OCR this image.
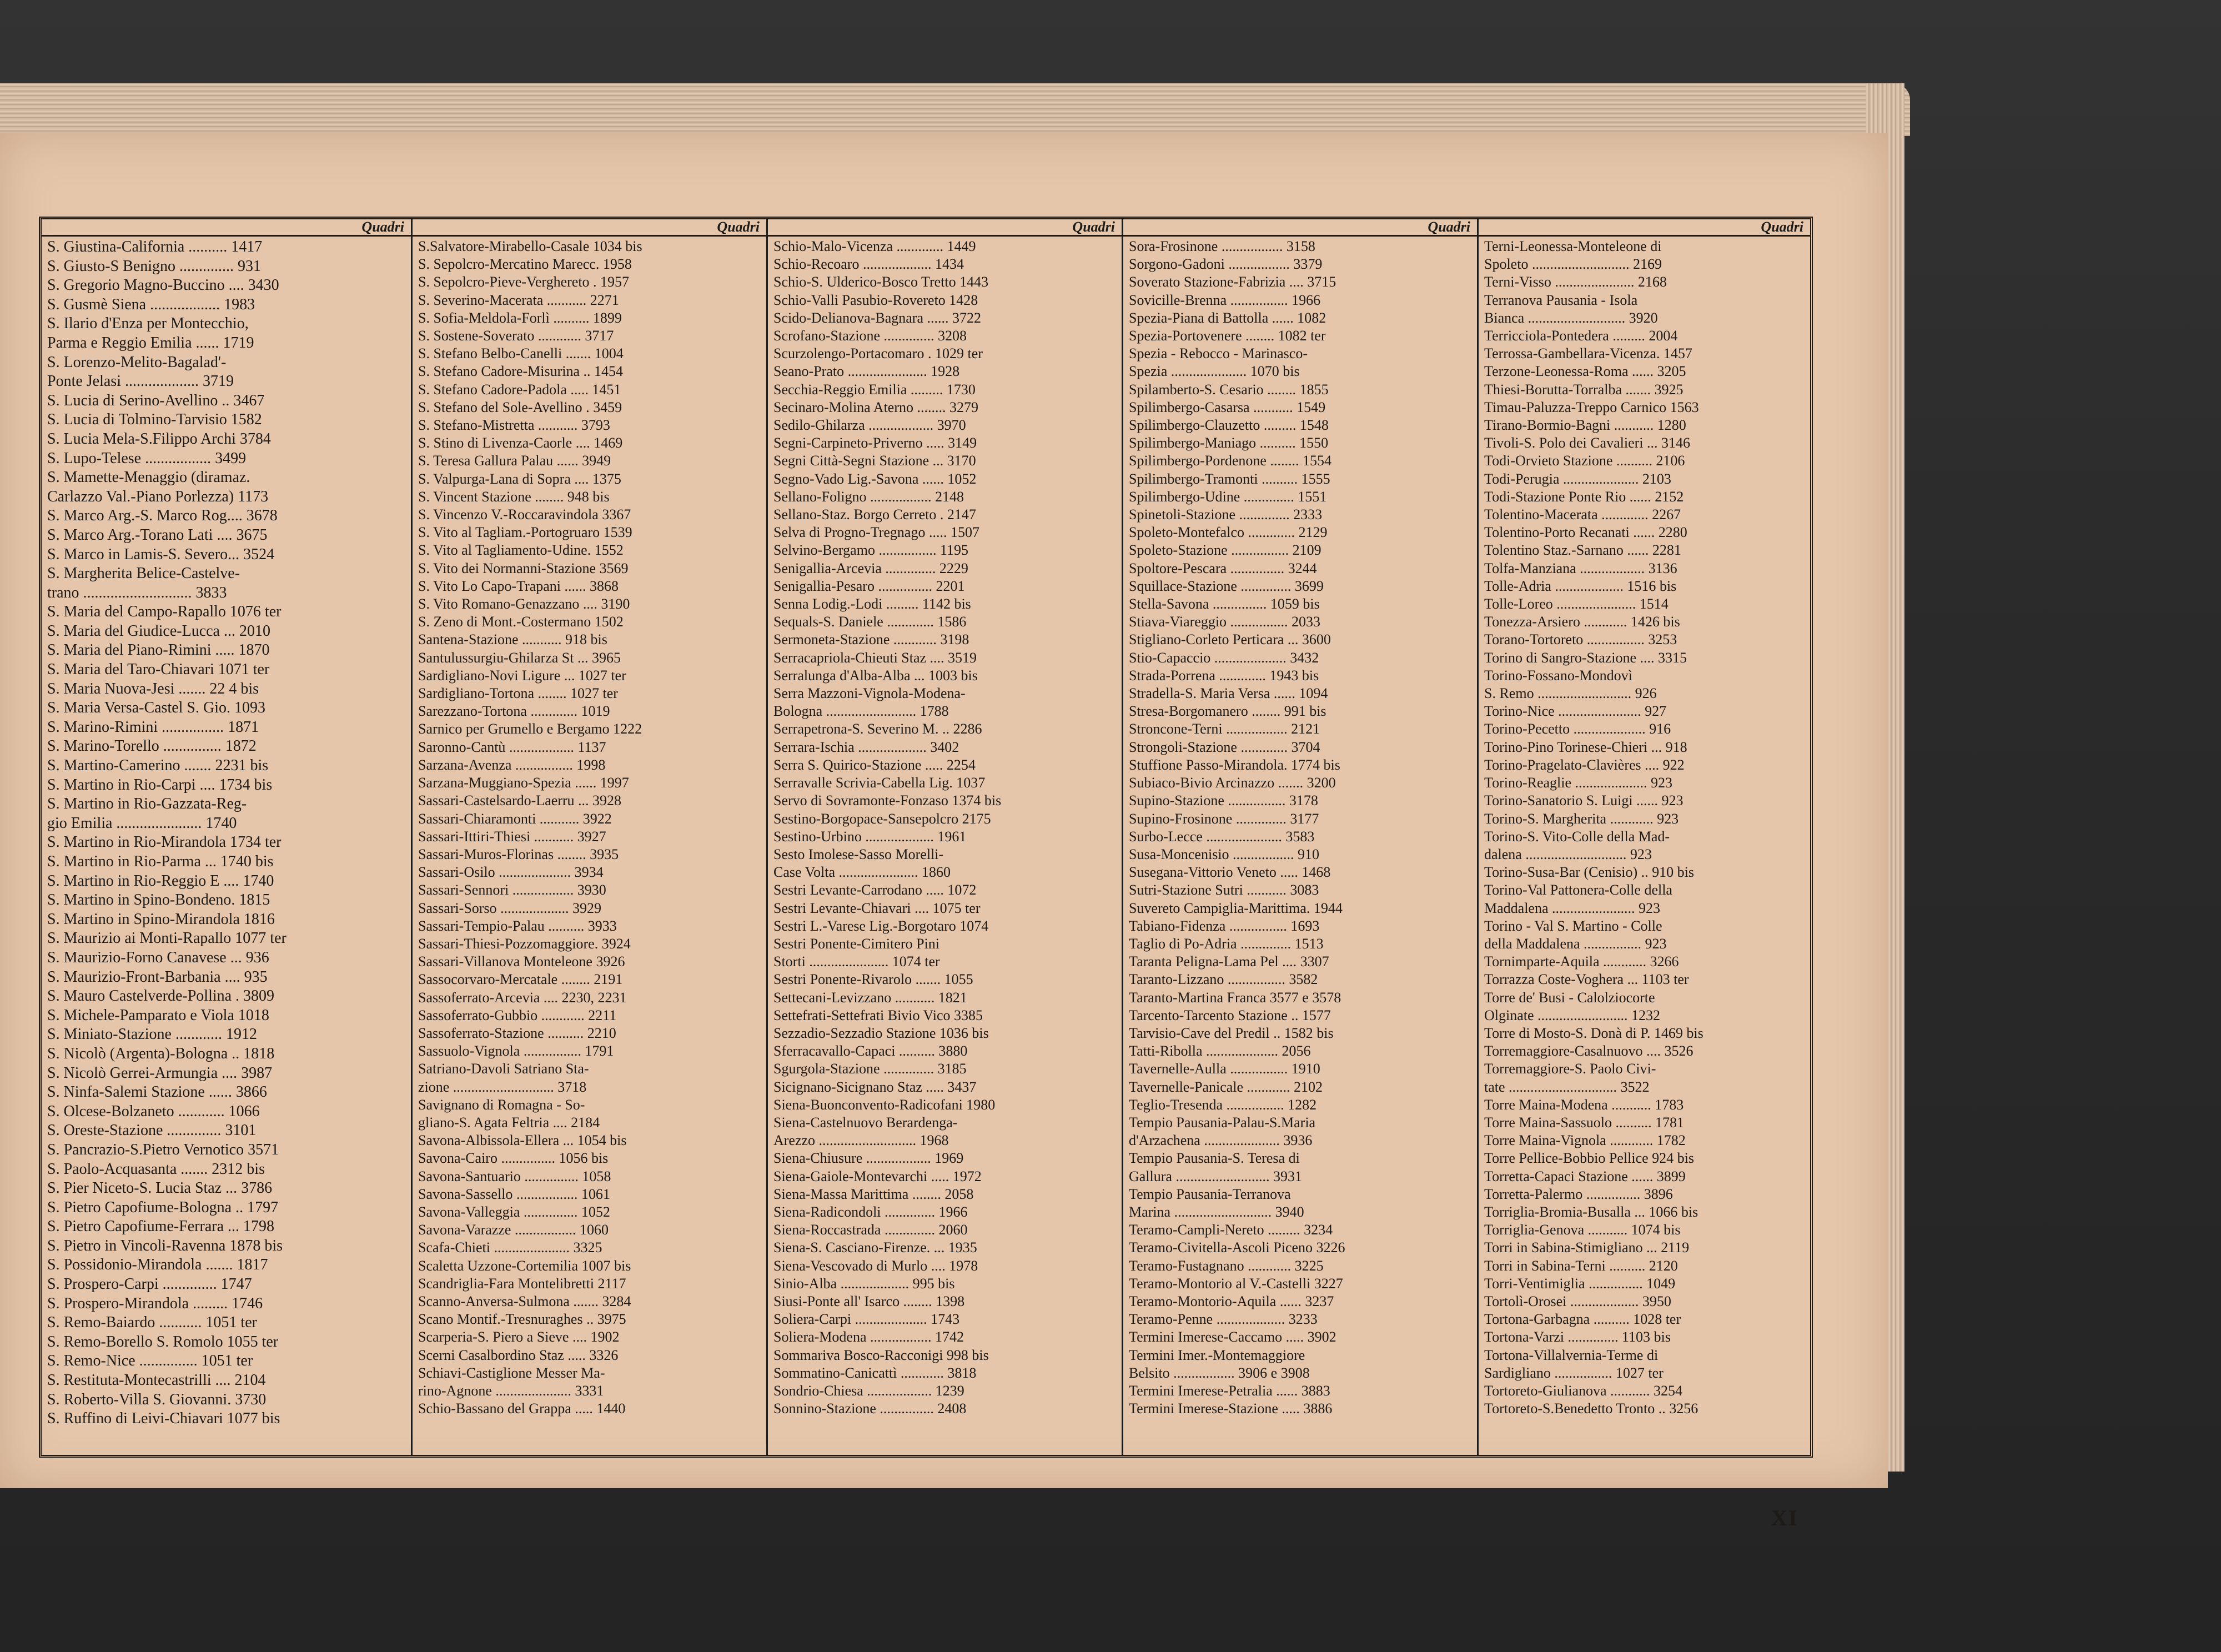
Quadri
S. Giustina-California .......... 1417
S. Giusto-S Benigno .............. 931
S. Gregorio Magno-Buccino .... 3430
S. Gusmè Siena .................. 1983
S. Ilario d'Enza per Montecchio,
Parma e Reggio Emilia ...... 1719
S. Lorenzo-Melito-Bagalad'-
Ponte Jelasi ................... 3719
S. Lucia di Serino-Avellino .. 3467
S. Lucia di Tolmino-Tarvisio 1582
S. Lucia Mela-S.Filippo Archi 3784
S. Lupo-Telese ................. 3499
S. Mamette-Menaggio (diramaz.
Carlazzo Val.-Piano Porlezza) 1173
S. Marco Arg.-S. Marco Rog.... 3678
S. Marco Arg.-Torano Lati .... 3675
S. Marco in Lamis-S. Severo... 3524
S. Margherita Belice-Castelve-
trano ............................ 3833
S. Maria del Campo-Rapallo 1076 ter
S. Maria del Giudice-Lucca ... 2010
S. Maria del Piano-Rimini ..... 1870
S. Maria del Taro-Chiavari 1071 ter
S. Maria Nuova-Jesi ....... 22 4 bis
S. Maria Versa-Castel S. Gio. 1093
S. Marino-Rimini ................ 1871
S. Marino-Torello ............... 1872
S. Martino-Camerino ....... 2231 bis
S. Martino in Rio-Carpi .... 1734 bis
S. Martino in Rio-Gazzata-Reg-
gio Emilia ...................... 1740
S. Martino in Rio-Mirandola 1734 ter
S. Martino in Rio-Parma ... 1740 bis
S. Martino in Rio-Reggio E .... 1740
S. Martino in Spino-Bondeno. 1815
S. Martino in Spino-Mirandola 1816
S. Maurizio ai Monti-Rapallo 1077 ter
S. Maurizio-Forno Canavese ... 936
S. Maurizio-Front-Barbania .... 935
S. Mauro Castelverde-Pollina . 3809
S. Michele-Pamparato e Viola 1018
S. Miniato-Stazione ............ 1912
S. Nicolò (Argenta)-Bologna .. 1818
S. Nicolò Gerrei-Armungia .... 3987
S. Ninfa-Salemi Stazione ...... 3866
S. Olcese-Bolzaneto ............ 1066
S. Oreste-Stazione .............. 3101
S. Pancrazio-S.Pietro Vernotico 3571
S. Paolo-Acquasanta ....... 2312 bis
S. Pier Niceto-S. Lucia Staz ... 3786
S. Pietro Capofiume-Bologna .. 1797
S. Pietro Capofiume-Ferrara ... 1798
S. Pietro in Vincoli-Ravenna 1878 bis
S. Possidonio-Mirandola ....... 1817
S. Prospero-Carpi .............. 1747
S. Prospero-Mirandola ......... 1746
S. Remo-Baiardo ........... 1051 ter
S. Remo-Borello S. Romolo 1055 ter
S. Remo-Nice ............... 1051 ter
S. Restituta-Montecastrilli .... 2104
S. Roberto-Villa S. Giovanni. 3730
S. Ruffino di Leivi-Chiavari 1077 bis
Quadri
S.Salvatore-Mirabello-Casale 1034 bis
S. Sepolcro-Mercatino Marecc. 1958
S. Sepolcro-Pieve-Verghereto . 1957
S. Severino-Macerata ........... 2271
S. Sofia-Meldola-Forlì .......... 1899
S. Sostene-Soverato ............ 3717
S. Stefano Belbo-Canelli ....... 1004
S. Stefano Cadore-Misurina .. 1454
S. Stefano Cadore-Padola ..... 1451
S. Stefano del Sole-Avellino . 3459
S. Stefano-Mistretta ........... 3793
S. Stino di Livenza-Caorle .... 1469
S. Teresa Gallura Palau ...... 3949
S. Valpurga-Lana di Sopra .... 1375
S. Vincent Stazione ........ 948 bis
S. Vincenzo V.-Roccaravindola 3367
S. Vito al Tagliam.-Portogruaro 1539
S. Vito al Tagliamento-Udine. 1552
S. Vito dei Normanni-Stazione 3569
S. Vito Lo Capo-Trapani ...... 3868
S. Vito Romano-Genazzano .... 3190
S. Zeno di Mont.-Costermano 1502
Santena-Stazione ........... 918 bis
Santulussurgiu-Ghilarza St ... 3965
Sardigliano-Novi Ligure ... 1027 ter
Sardigliano-Tortona ........ 1027 ter
Sarezzano-Tortona ............. 1019
Sarnico per Grumello e Bergamo 1222
Saronno-Cantù .................. 1137
Sarzana-Avenza ................ 1998
Sarzana-Muggiano-Spezia ...... 1997
Sassari-Castelsardo-Laerru ... 3928
Sassari-Chiaramonti ........... 3922
Sassari-Ittiri-Thiesi ........... 3927
Sassari-Muros-Florinas ........ 3935
Sassari-Osilo .................... 3934
Sassari-Sennori ................. 3930
Sassari-Sorso ................... 3929
Sassari-Tempio-Palau .......... 3933
Sassari-Thiesi-Pozzomaggiore. 3924
Sassari-Villanova Monteleone 3926
Sassocorvaro-Mercatale ........ 2191
Sassoferrato-Arcevia .... 2230, 2231
Sassoferrato-Gubbio ............ 2211
Sassoferrato-Stazione .......... 2210
Sassuolo-Vignola ................ 1791
Satriano-Davoli Satriano Sta-
zione ............................ 3718
Savignano di Romagna - So-
gliano-S. Agata Feltria .... 2184
Savona-Albissola-Ellera ... 1054 bis
Savona-Cairo ............... 1056 bis
Savona-Santuario ............... 1058
Savona-Sassello ................. 1061
Savona-Valleggia ............... 1052
Savona-Varazze ................. 1060
Scafa-Chieti ..................... 3325
Scaletta Uzzone-Cortemilia 1007 bis
Scandriglia-Fara Montelibretti 2117
Scanno-Anversa-Sulmona ....... 3284
Scano Montif.-Tresnuraghes .. 3975
Scarperia-S. Piero a Sieve .... 1902
Scerni Casalbordino Staz ..... 3326
Schiavi-Castiglione Messer Ma-
rino-Agnone ..................... 3331
Schio-Bassano del Grappa ..... 1440
Quadri
Schio-Malo-Vicenza ............. 1449
Schio-Recoaro ................... 1434
Schio-S. Ulderico-Bosco Tretto 1443
Schio-Valli Pasubio-Rovereto 1428
Scido-Delianova-Bagnara ...... 3722
Scrofano-Stazione .............. 3208
Scurzolengo-Portacomaro . 1029 ter
Seano-Prato ...................... 1928
Secchia-Reggio Emilia ......... 1730
Secinaro-Molina Aterno ........ 3279
Sedilo-Ghilarza .................. 3970
Segni-Carpineto-Priverno ..... 3149
Segni Città-Segni Stazione ... 3170
Segno-Vado Lig.-Savona ...... 1052
Sellano-Foligno ................. 2148
Sellano-Staz. Borgo Cerreto . 2147
Selva di Progno-Tregnago ..... 1507
Selvino-Bergamo ................ 1195
Senigallia-Arcevia .............. 2229
Senigallia-Pesaro ............... 2201
Senna Lodig.-Lodi ......... 1142 bis
Sequals-S. Daniele ............. 1586
Sermoneta-Stazione ............ 3198
Serracapriola-Chieuti Staz .... 3519
Serralunga d'Alba-Alba ... 1003 bis
Serra Mazzoni-Vignola-Modena-
Bologna ......................... 1788
Serrapetrona-S. Severino M. .. 2286
Serrara-Ischia ................... 3402
Serra S. Quirico-Stazione ..... 2254
Serravalle Scrivia-Cabella Lig. 1037
Servo di Sovramonte-Fonzaso 1374 bis
Sestino-Borgopace-Sansepolcro 2175
Sestino-Urbino ................... 1961
Sesto Imolese-Sasso Morelli-
Case Volta ...................... 1860
Sestri Levante-Carrodano ..... 1072
Sestri Levante-Chiavari .... 1075 ter
Sestri L.-Varese Lig.-Borgotaro 1074
Sestri Ponente-Cimitero Pini
Storti ...................... 1074 ter
Sestri Ponente-Rivarolo ....... 1055
Settecani-Levizzano ........... 1821
Settefrati-Settefrati Bivio Vico 3385
Sezzadio-Sezzadio Stazione 1036 bis
Sferracavallo-Capaci .......... 3880
Sgurgola-Stazione .............. 3185
Sicignano-Sicignano Staz ..... 3437
Siena-Buonconvento-Radicofani 1980
Siena-Castelnuovo Berardenga-
Arezzo ........................... 1968
Siena-Chiusure .................. 1969
Siena-Gaiole-Montevarchi ..... 1972
Siena-Massa Marittima ........ 2058
Siena-Radicondoli .............. 1966
Siena-Roccastrada .............. 2060
Siena-S. Casciano-Firenze. ... 1935
Siena-Vescovado di Murlo .... 1978
Sinio-Alba ................... 995 bis
Siusi-Ponte all' Isarco ........ 1398
Soliera-Carpi .................... 1743
Soliera-Modena ................. 1742
Sommariva Bosco-Racconigi 998 bis
Sommatino-Canicattì ............ 3818
Sondrio-Chiesa .................. 1239
Sonnino-Stazione ............... 2408
Quadri
Sora-Frosinone ................. 3158
Sorgono-Gadoni ................. 3379
Soverato Stazione-Fabrizia .... 3715
Sovicille-Brenna ................ 1966
Spezia-Piana di Battolla ...... 1082
Spezia-Portovenere ........ 1082 ter
Spezia - Rebocco - Marinasco-
Spezia ..................... 1070 bis
Spilamberto-S. Cesario ........ 1855
Spilimbergo-Casarsa ........... 1549
Spilimbergo-Clauzetto ......... 1548
Spilimbergo-Maniago .......... 1550
Spilimbergo-Pordenone ........ 1554
Spilimbergo-Tramonti .......... 1555
Spilimbergo-Udine .............. 1551
Spinetoli-Stazione .............. 2333
Spoleto-Montefalco ............. 2129
Spoleto-Stazione ................ 2109
Spoltore-Pescara ............... 3244
Squillace-Stazione .............. 3699
Stella-Savona ............... 1059 bis
Stiava-Viareggio ................ 2033
Stigliano-Corleto Perticara ... 3600
Stio-Capaccio .................... 3432
Strada-Porrena ............. 1943 bis
Stradella-S. Maria Versa ...... 1094
Stresa-Borgomanero ........ 991 bis
Stroncone-Terni ................. 2121
Strongoli-Stazione ............. 3704
Stuffione Passo-Mirandola. 1774 bis
Subiaco-Bivio Arcinazzo ....... 3200
Supino-Stazione ................ 3178
Supino-Frosinone .............. 3177
Surbo-Lecce ..................... 3583
Susa-Moncenisio ................. 910
Susegana-Vittorio Veneto ..... 1468
Sutri-Stazione Sutri ........... 3083
Suvereto Campiglia-Marittima. 1944
Tabiano-Fidenza ................ 1693
Taglio di Po-Adria .............. 1513
Taranta Peligna-Lama Pel .... 3307
Taranto-Lizzano ................ 3582
Taranto-Martina Franca 3577 e 3578
Tarcento-Tarcento Stazione .. 1577
Tarvisio-Cave del Predil .. 1582 bis
Tatti-Ribolla .................... 2056
Tavernelle-Aulla ................ 1910
Tavernelle-Panicale ............ 2102
Teglio-Tresenda ................ 1282
Tempio Pausania-Palau-S.Maria
d'Arzachena ..................... 3936
Tempio Pausania-S. Teresa di
Gallura .......................... 3931
Tempio Pausania-Terranova
Marina ........................... 3940
Teramo-Campli-Nereto ......... 3234
Teramo-Civitella-Ascoli Piceno 3226
Teramo-Fustagnano ............ 3225
Teramo-Montorio al V.-Castelli 3227
Teramo-Montorio-Aquila ...... 3237
Teramo-Penne ................... 3233
Termini Imerese-Caccamo ..... 3902
Termini Imer.-Montemaggiore
Belsito ................. 3906 e 3908
Termini Imerese-Petralia ...... 3883
Termini Imerese-Stazione ..... 3886
Quadri
Terni-Leonessa-Monteleone di
Spoleto ........................... 2169
Terni-Visso ...................... 2168
Terranova Pausania - Isola
Bianca ........................... 3920
Terricciola-Pontedera ......... 2004
Terrossa-Gambellara-Vicenza. 1457
Terzone-Leonessa-Roma ...... 3205
Thiesi-Borutta-Torralba ....... 3925
Timau-Paluzza-Treppo Carnico 1563
Tirano-Bormio-Bagni ........... 1280
Tivoli-S. Polo dei Cavalieri ... 3146
Todi-Orvieto Stazione .......... 2106
Todi-Perugia ..................... 2103
Todi-Stazione Ponte Rio ...... 2152
Tolentino-Macerata ............. 2267
Tolentino-Porto Recanati ...... 2280
Tolentino Staz.-Sarnano ...... 2281
Tolfa-Manziana .................. 3136
Tolle-Adria ................... 1516 bis
Tolle-Loreo ...................... 1514
Tonezza-Arsiero ............ 1426 bis
Torano-Tortoreto ................ 3253
Torino di Sangro-Stazione .... 3315
Torino-Fossano-Mondovì
S. Remo .......................... 926
Torino-Nice ....................... 927
Torino-Pecetto .................... 916
Torino-Pino Torinese-Chieri ... 918
Torino-Pragelato-Clavières .... 922
Torino-Reaglie .................... 923
Torino-Sanatorio S. Luigi ...... 923
Torino-S. Margherita ............ 923
Torino-S. Vito-Colle della Mad-
dalena ............................ 923
Torino-Susa-Bar (Cenisio) .. 910 bis
Torino-Val Pattonera-Colle della
Maddalena ....................... 923
Torino - Val S. Martino - Colle
della Maddalena ................ 923
Tornimparte-Aquila ............ 3266
Torrazza Coste-Voghera ... 1103 ter
Torre de' Busi - Calolziocorte
Olginate ......................... 1232
Torre di Mosto-S. Donà di P. 1469 bis
Torremaggiore-Casalnuovo .... 3526
Torremaggiore-S. Paolo Civi-
tate .............................. 3522
Torre Maina-Modena ........... 1783
Torre Maina-Sassuolo .......... 1781
Torre Maina-Vignola ............ 1782
Torre Pellice-Bobbio Pellice 924 bis
Torretta-Capaci Stazione ...... 3899
Torretta-Palermo ............... 3896
Torriglia-Bromia-Busalla ... 1066 bis
Torriglia-Genova ........... 1074 bis
Torri in Sabina-Stimigliano ... 2119
Torri in Sabina-Terni .......... 2120
Torri-Ventimiglia ............... 1049
Tortolì-Orosei ................... 3950
Tortona-Garbagna .......... 1028 ter
Tortona-Varzi .............. 1103 bis
Tortona-Villalvernia-Terme di
Sardigliano ................ 1027 ter
Tortoreto-Giulianova ........... 3254
Tortoreto-S.Benedetto Tronto .. 3256
XI
